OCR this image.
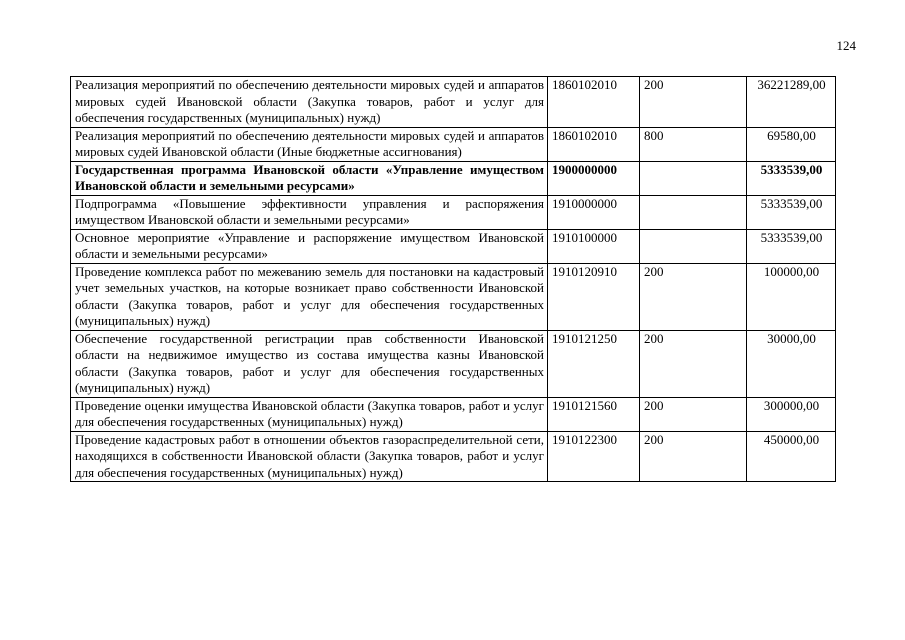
124
Реализация мероприятий по обеспечению деятельности мировых судей и аппаратов мировых судей Ивановской области (Закупка товаров, работ и услуг для обеспечения государственных (муниципальных) нужд)	1860102010	200	36221289,00
Реализация мероприятий по обеспечению деятельности мировых судей и аппаратов мировых судей Ивановской области (Иные бюджетные ассигнования)	1860102010	800	69580,00
Государственная программа Ивановской области «Управление имуществом Ивановской области и земельными ресурсами»	1900000000		5333539,00
Подпрограмма «Повышение эффективности управления и распоряжения имуществом Ивановской области и земельными ресурсами»	1910000000		5333539,00
Основное мероприятие «Управление и распоряжение имуществом Ивановской области и земельными ресурсами»	1910100000		5333539,00
Проведение комплекса работ по межеванию земель для постановки на кадастровый учет земельных участков, на которые возникает право собственности Ивановской области (Закупка товаров, работ и услуг для обеспечения государственных (муниципальных) нужд)	1910120910	200	100000,00
Обеспечение государственной регистрации прав собственности Ивановской области на недвижимое имущество из состава имущества казны Ивановской области (Закупка товаров, работ и услуг для обеспечения государственных (муниципальных) нужд)	1910121250	200	30000,00
Проведение оценки имущества Ивановской области (Закупка товаров, работ и услуг для обеспечения государственных (муниципальных) нужд)	1910121560	200	300000,00
Проведение кадастровых работ в отношении объектов газораспределительной сети, находящихся в собственности Ивановской области (Закупка товаров, работ и услуг для обеспечения государственных (муниципальных) нужд)	1910122300	200	450000,00
